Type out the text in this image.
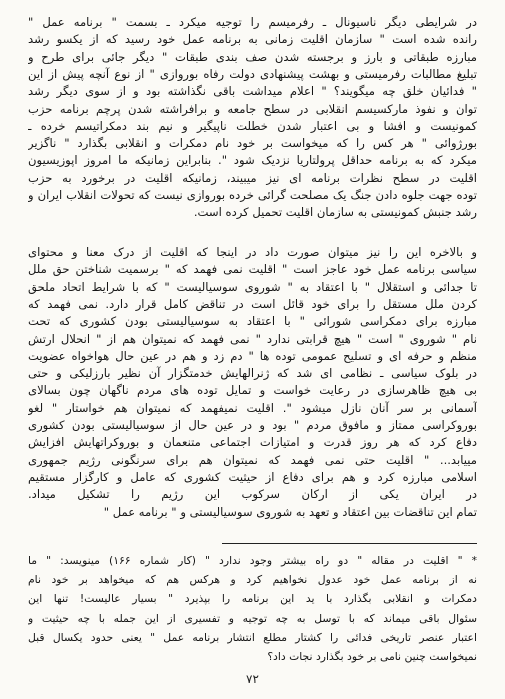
در شرایطی دیگر ناسیونال ـ رفرمیسم را توجیه میکرد ـ بسمت " برنامه عمل "
رانده شده است " سازمان اقلیت زمانی به برنامه عمل خود رسید که از یکسو رشد
مبارزه طبقاتی و بارز و برجسته شدن صف بندی طبقات " دیگر جائی برای طرح و
تبلیغ مطالبات رفرمیستی و بهشت پیشنهادی دولت رفاه بوروازی " از نوع آنچه پیش از این
" فدائیان خلق چه میگویند؟ " اعلام میداشت باقی نگذاشته بود و از سوی دیگر رشد
توان و نفوذ مارکسیسم انقلابی در سطح جامعه و برافراشته شدن پرچم برنامه حزب
کمونیست و افشا و بی اعتبار شدن خطلت ناپیگیر و نیم بند دمکراتیسم خرده ـ
بورژوائی " هر کس را که میخواست بر خود نام دمکرات و انقلابی بگذارد " ناگزیر
میکرد که به برنامه حداقل پرولتاریا نزدیک شود ". بنابراین زمانیکه ما امروز اپوزیسیون
اقلیت در سطح نظرات برنامه ای نیز میبیند، زمانیکه اقلیت در برخورد به حزب
توده جهت جلوه دادن جنگ یک مصلحت گرائی خرده بوروازی نیست که تحولات انقلاب ایران و
رشد جنبش کمونیستی به سازمان اقلیت تحمیل کرده است.
و بالاخره این را نیز میتوان صورت داد در اینجا که اقلیت از درک معنا و محتوای
سیاسی برنامه عمل خود عاجز است " اقلیت نمی فهمد که " برسمیت شناختن حق ملل
تا جدائی و استقلال " با اعتقاد به " شوروی سوسیالیست " که با شرایط اتحاد ملحق
کردن ملل مستقل را برای خود قائل است در تناقض کامل قرار دارد. نمی فهمد که
مبارزه برای دمکراسی شورائی " با اعتقاد به سوسیالیستی بودن کشوری که تحت
نام " شوروی " است " هیچ قرابتی ندارد " نمی فهمد که نمیتوان هم از " انحلال ارتش
منظم و حرفه ای و تسلیح عمومی توده ها " دم زد و هم در عین حال هواخواه عضویت
در بلوک سیاسی ـ نظامی ای شد که ژنرالهایش خدمتگزار آن نظیر بارزلیکی و حتی
بی هیچ ظاهرسازی در رعایت خواست و تمایل توده های مردم ناگهان چون بسالای
آسمانی بر سر آنان نازل میشود ". اقلیت نمیفهمد که نمیتوان هم خواستار " لغو
بوروکراسی ممتاز و مافوق مردم " بود و در عین حال از سوسیالیستی بودن کشوری
دفاع کرد که هر روز قدرت و امتیازات اجتماعی متنعمان و بوروکراتهایش افزایش
مییابد... " اقلیت حتی نمی فهمد که نمیتوان هم برای سرنگونی رژیم جمهوری
اسلامی مبارزه کرد و هم برای دفاع از حیثیت کشوری که عامل و کارگزار مستقیم
در ایران یکی از ارکان سرکوب این رژیم را تشکیل میداد.
تمام این تناقضات بین اعتقاد و تعهد به شوروی سوسیالیستی و " برنامه عمل "
* " اقلیت در مقاله " دو راه بیشتر وجود ندارد " (کار شماره ۱۶۶) مینویسد: " ما
نه از برنامه عمل خود عدول نخواهیم کرد و هرکس هم که میخواهد بر خود نام
دمکرات و انقلابی بگذارد با ید این برنامه را بپذیرد " بسیار عالیست! تنها این
سئوال باقی میماند که با توسل به چه توجیه و تفسیری از این جمله با چه حیثیت و
اعتبار عنصر تاریخی فدائی را کشتار مطلع انتشار برنامه عمل " یعنی حدود یکسال قبل
نمیخواست چنین نامی بر خود بگذارد نجات داد؟
۷۲
